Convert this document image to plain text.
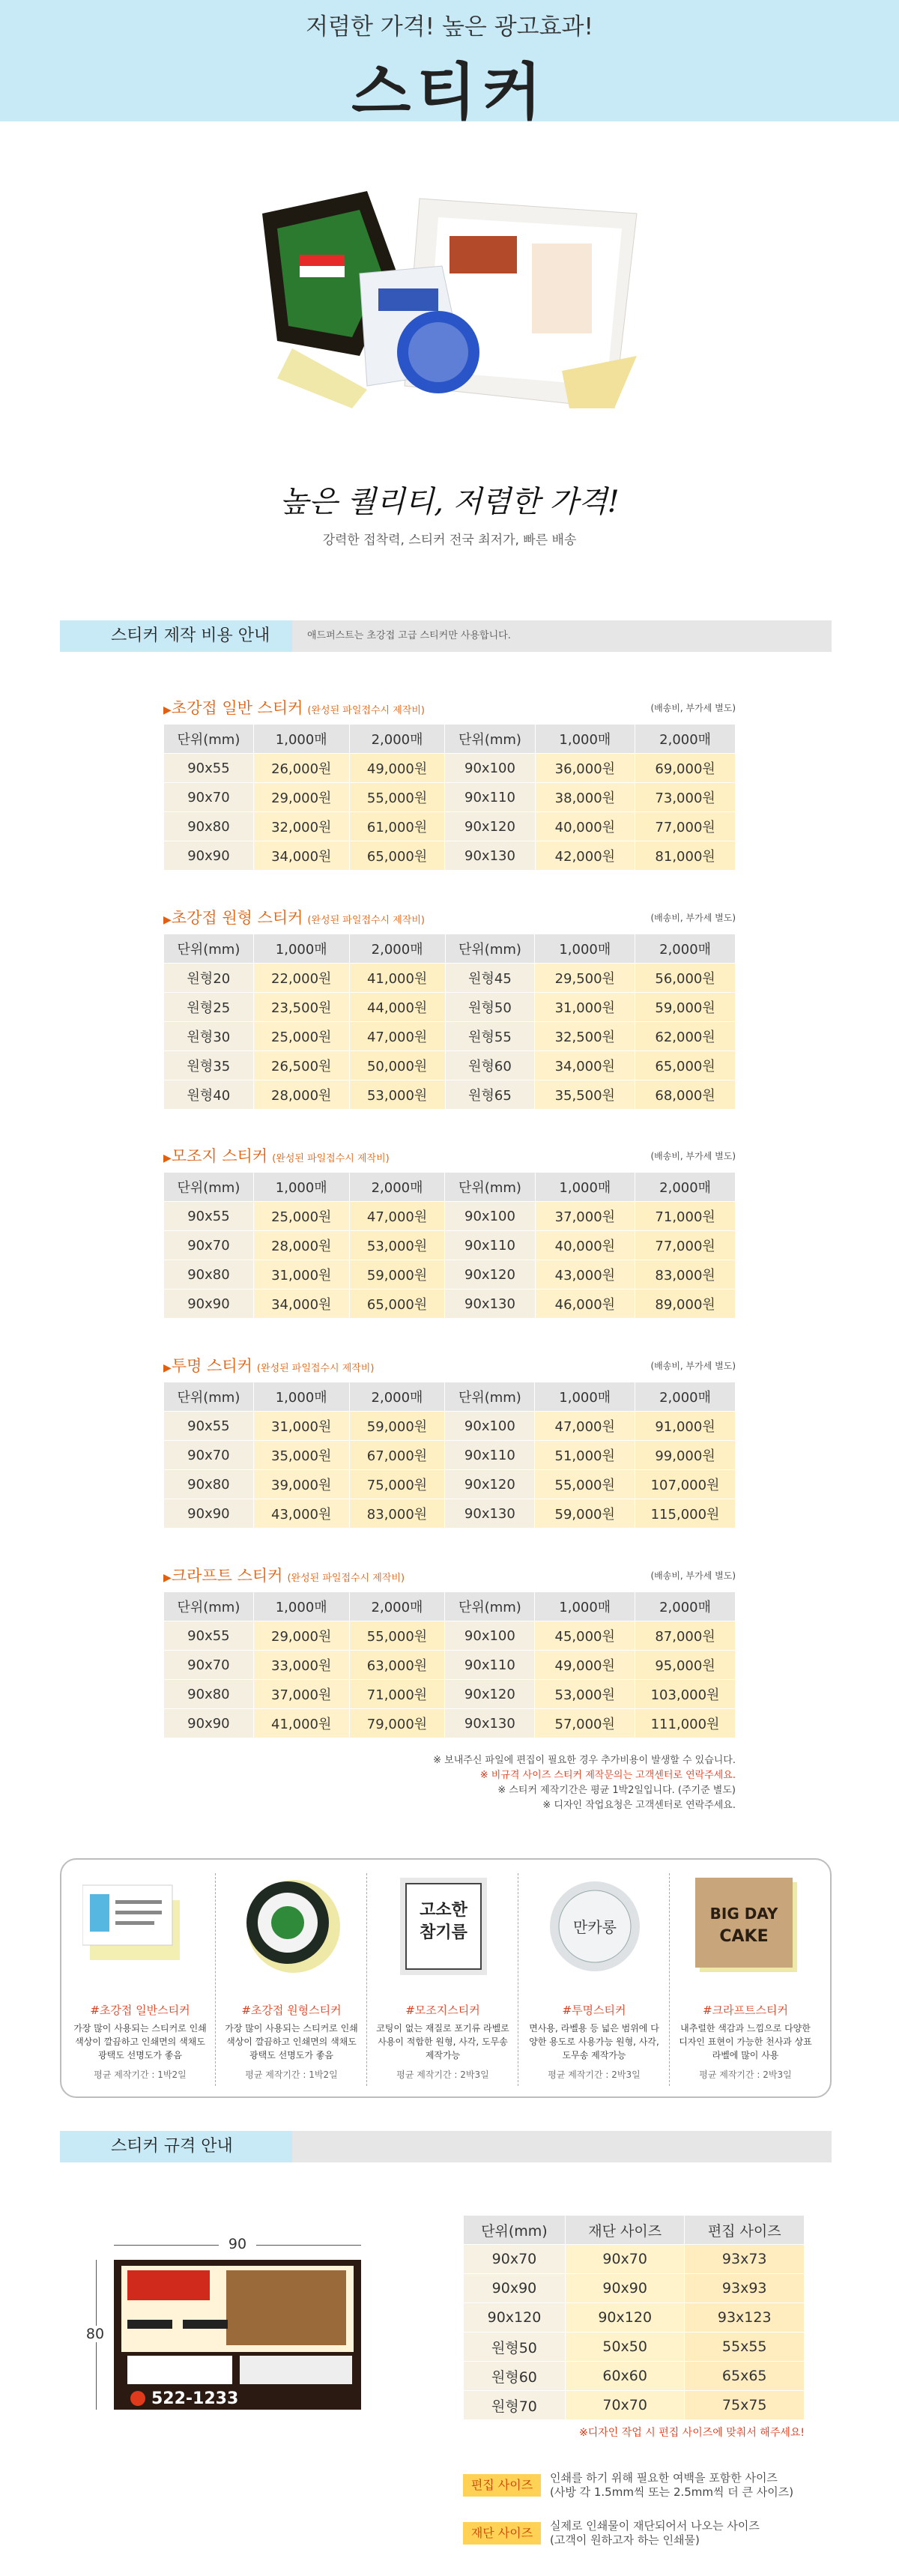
저렴한 가격! 높은 광고효과!
스티커
높은 퀄리티, 저렴한 가격!
강력한 접착력, 스티커 전국 최저가, 빠른 배송
스티커 제작 비용 안내	애드퍼스트는 초강접 고급 스티커만 사용합니다.
(배송비, 부가세 별도)
▶초강접 일반 스티커 (완성된 파일접수시 제작비)
단위(mm)	1,000매	2,000매	단위(mm)	1,000매	2,000매
90x55	26,000원	49,000원	90x100	36,000원	69,000원
90x70	29,000원	55,000원	90x110	38,000원	73,000원
90x80	32,000원	61,000원	90x120	40,000원	77,000원
90x90	34,000원	65,000원	90x130	42,000원	81,000원
(배송비, 부가세 별도)
▶초강접 원형 스티커 (완성된 파일접수시 제작비)
단위(mm)	1,000매	2,000매	단위(mm)	1,000매	2,000매
원형20	22,000원	41,000원	원형45	29,500원	56,000원
원형25	23,500원	44,000원	원형50	31,000원	59,000원
원형30	25,000원	47,000원	원형55	32,500원	62,000원
원형35	26,500원	50,000원	원형60	34,000원	65,000원
원형40	28,000원	53,000원	원형65	35,500원	68,000원
(배송비, 부가세 별도)
▶모조지 스티커 (완성된 파일접수시 제작비)
단위(mm)	1,000매	2,000매	단위(mm)	1,000매	2,000매
90x55	25,000원	47,000원	90x100	37,000원	71,000원
90x70	28,000원	53,000원	90x110	40,000원	77,000원
90x80	31,000원	59,000원	90x120	43,000원	83,000원
90x90	34,000원	65,000원	90x130	46,000원	89,000원
(배송비, 부가세 별도)
▶투명 스티커 (완성된 파일접수시 제작비)
단위(mm)	1,000매	2,000매	단위(mm)	1,000매	2,000매
90x55	31,000원	59,000원	90x100	47,000원	91,000원
90x70	35,000원	67,000원	90x110	51,000원	99,000원
90x80	39,000원	75,000원	90x120	55,000원	107,000원
90x90	43,000원	83,000원	90x130	59,000원	115,000원
(배송비, 부가세 별도)
▶크라프트 스티커 (완성된 파일접수시 제작비)
단위(mm)	1,000매	2,000매	단위(mm)	1,000매	2,000매
90x55	29,000원	55,000원	90x100	45,000원	87,000원
90x70	33,000원	63,000원	90x110	49,000원	95,000원
90x80	37,000원	71,000원	90x120	53,000원	103,000원
90x90	41,000원	79,000원	90x130	57,000원	111,000원
※ 보내주신 파일에 편집이 필요한 경우 추가비용이 발생할 수 있습니다.
※ 비규격 사이즈 스티커 제작문의는 고객센터로 연락주세요.
※ 스티커 제작기간은 평균 1박2일입니다. (주기준 별도)
※ 디자인 작업요청은 고객센터로 연락주세요.
#초강접 일반스티커
가장 많이 사용되는 스티커로 인쇄색상이 깔끔하고 인쇄면의 색채도 광택도 선명도가 좋음
평균 제작기간 : 1박2일
#초강접 원형스티커
가장 많이 사용되는 스티커로 인쇄색상이 깔끔하고 인쇄면의 색채도 광택도 선명도가 좋음
평균 제작기간 : 1박2일
고소한
참기름
#모조지스티커
코팅이 없는 재질로 포기류 라벨로 사용이 적합한 원형, 사각, 도무송 제작가능
평균 제작기간 : 2박3일
만카롱
#투명스티커
면사용, 라벨용 등 넓은 범위에 다양한 용도로 사용가능 원형, 사각, 도무송 제작가능
평균 제작기간 : 2박3일
BIG DAY
CAKE
#크라프트스티커
내추럴한 색감과 느낌으로 다양한 디자인 표현이 가능한 천사과 상표라벨에 많이 사용
평균 제작기간 : 2박3일
스티커 규격 안내
90
80
522-1233
단위(mm)	재단 사이즈	편집 사이즈
90x70	90x70	93x73
90x90	90x90	93x93
90x120	90x120	93x123
원형50	50x50	55x55
원형60	60x60	65x65
원형70	70x70	75x75
※디자인 작업 시 편집 사이즈에 맞춰서 해주세요!
편집 사이즈	인쇄를 하기 위해 필요한 여백을 포함한 사이즈
(사방 각 1.5mm씩 또는 2.5mm씩 더 큰 사이즈)
재단 사이즈	실제로 인쇄물이 재단되어서 나오는 사이즈
(고객이 원하고자 하는 인쇄물)
